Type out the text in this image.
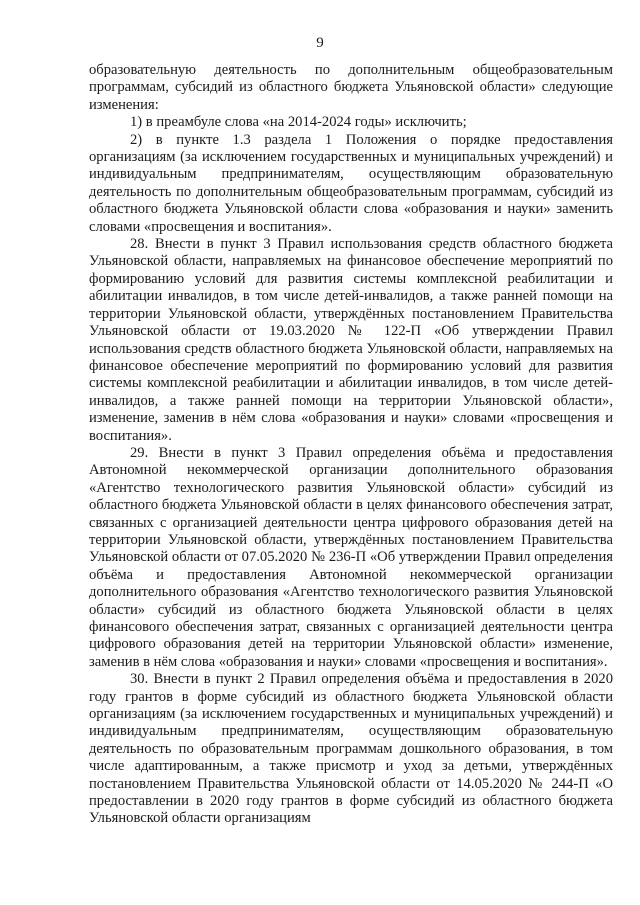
9

образовательную деятельность по дополнительным общеобразовательным программам, субсидий из областного бюджета Ульяновской области» следующие изменения:

1) в преамбуле слова «на 2014-2024 годы» исключить;

2) в пункте 1.3 раздела 1 Положения о порядке предоставления организациям (за исключением государственных и муниципальных учреждений) и индивидуальным предпринимателям, осуществляющим образовательную деятельность по дополнительным общеобразовательным программам, субсидий из областного бюджета Ульяновской области слова «образования и науки» заменить словами «просвещения и воспитания».

28. Внести в пункт 3 Правил использования средств областного бюджета Ульяновской области, направляемых на финансовое обеспечение мероприятий по формированию условий для развития системы комплексной реабилитации и абилитации инвалидов, в том числе детей-инвалидов, а также ранней помощи на территории Ульяновской области, утверждённых постановлением Правительства Ульяновской области от 19.03.2020 № 122-П «Об утверждении Правил использования средств областного бюджета Ульяновской области, направляемых на финансовое обеспечение мероприятий по формированию условий для развития системы комплексной реабилитации и абилитации инвалидов, в том числе детей-инвалидов, а также ранней помощи на территории Ульяновской области», изменение, заменив в нём слова «образования и науки» словами «просвещения и воспитания».

29. Внести в пункт 3 Правил определения объёма и предоставления Автономной некоммерческой организации дополнительного образования «Агентство технологического развития Ульяновской области» субсидий из областного бюджета Ульяновской области в целях финансового обеспечения затрат, связанных с организацией деятельности центра цифрового образования детей на территории Ульяновской области, утверждённых постановлением Правительства Ульяновской области от 07.05.2020 № 236-П «Об утверждении Правил определения объёма и предоставления Автономной некоммерческой организации дополнительного образования «Агентство технологического развития Ульяновской области» субсидий из областного бюджета Ульяновской области в целях финансового обеспечения затрат, связанных с организацией деятельности центра цифрового образования детей на территории Ульяновской области» изменение, заменив в нём слова «образования и науки» словами «просвещения и воспитания».

30. Внести в пункт 2 Правил определения объёма и предоставления в 2020 году грантов в форме субсидий из областного бюджета Ульяновской области организациям (за исключением государственных и муниципальных учреждений) и индивидуальным предпринимателям, осуществляющим образовательную деятельность по образовательным программам дошкольного образования, в том числе адаптированным, а также присмотр и уход за детьми, утверждённых постановлением Правительства Ульяновской области от 14.05.2020 № 244-П «О предоставлении в 2020 году грантов в форме субсидий из областного бюджета Ульяновской области организациям
